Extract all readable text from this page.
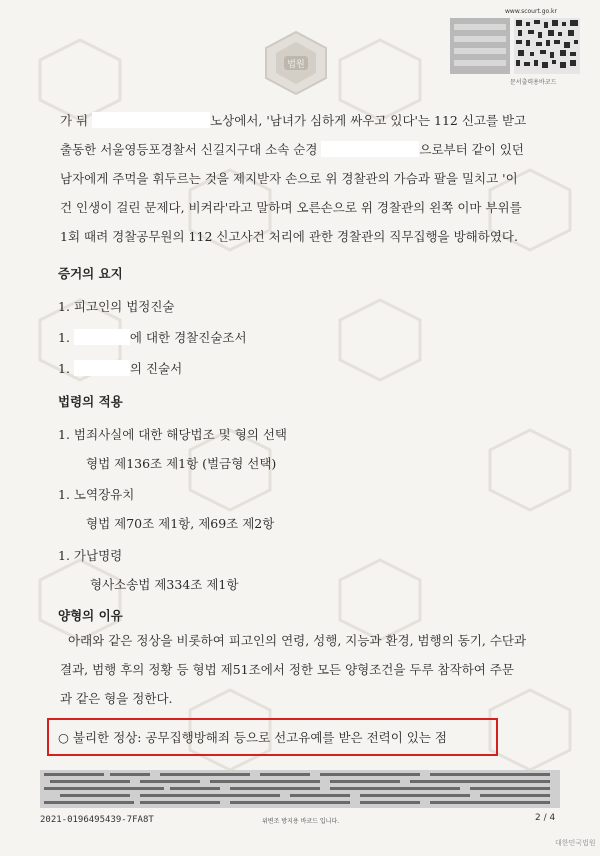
www.scourt.go.kr
문서출력용바코드
법원
가 뒤	노상에서, '남녀가 심하게 싸우고 있다'는 112 신고를 받고
출동한 서울영등포경찰서 신길지구대 소속 순경	으로부터 같이 있던
남자에게 주먹을 휘두르는 것을 제지받자 손으로 위 경찰관의 가슴과 팔을 밀치고 '이
건 인생이 걸린 문제다, 비켜라'라고 말하며 오른손으로 위 경찰관의 왼쪽 이마 부위를
1회 때려 경찰공무원의 112 신고사건 처리에 관한 경찰관의 직무집행을 방해하였다.
증거의 요지
1. 피고인의 법정진술
1.	에 대한 경찰진술조서
1.	의 진술서
법령의 적용
1. 범죄사실에 대한 해당법조 및 형의 선택
형법 제136조 제1항 (벌금형 선택)
1. 노역장유치
형법 제70조 제1항, 제69조 제2항
1. 가납명령
형사소송법 제334조 제1항
양형의 이유
아래와 같은 정상을 비롯하여 피고인의 연령, 성행, 지능과 환경, 범행의 동기, 수단과
결과, 범행 후의 정황 등 형법 제51조에서 정한 모든 양형조건을 두루 참작하여 주문
과 같은 형을 정한다.
○ 불리한 정상: 공무집행방해죄 등으로 선고유예를 받은 전력이 있는 점
2021-0196495439-7FA8T	위변조 방지용 바코드 입니다.	2 / 4
대한민국법원
